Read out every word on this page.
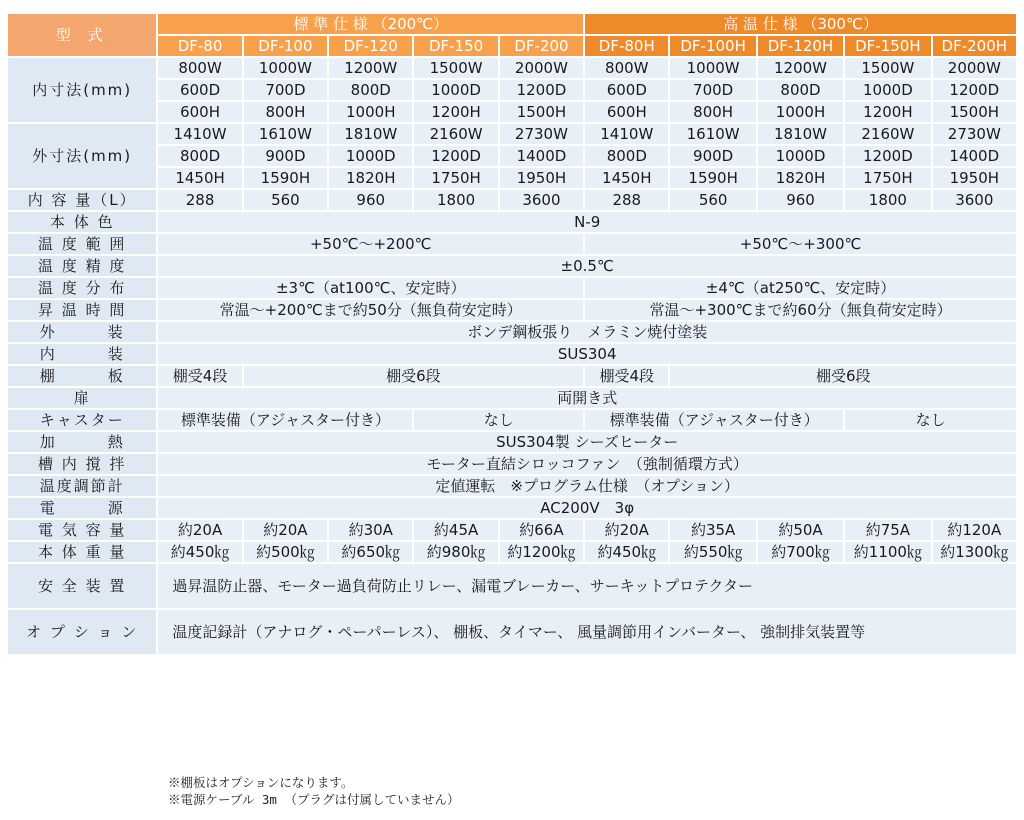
型 式	標 準 仕 様 （200℃）					高 温 仕 様 （300℃）				
	DF-80	DF-100	DF-120	DF-150	DF-200	DF-80H	DF-100H	DF-120H	DF-150H	DF-200H
内寸法(mm)	800W	1000W	1200W	1500W	2000W	800W	1000W	1200W	1500W	2000W
	600D	700D	800D	1000D	1200D	600D	700D	800D	1000D	1200D
	600H	800H	1000H	1200H	1500H	600H	800H	1000H	1200H	1500H
外寸法(mm)	1410W	1610W	1810W	2160W	2730W	1410W	1610W	1810W	2160W	2730W
	800D	900D	1000D	1200D	1400D	800D	900D	1000D	1200D	1400D
	1450H	1590H	1820H	1750H	1950H	1450H	1590H	1820H	1750H	1950H
内 容 量（L）	288	560	960	1800	3600	288	560	960	1800	3600
本 体 色	N-9									
温 度 範 囲	+50℃～+200℃					+50℃～+300℃				
温 度 精 度	±0.5℃									
温 度 分 布	±3℃（at100℃、安定時）					±4℃（at250℃、安定時）				
昇 温 時 間	常温～+200℃まで約50分（無負荷安定時）					常温～+300℃まで約60分（無負荷安定時）				
外　　　装	ボンデ鋼板張り　メラミン焼付塗装									
内　　　装	SUS304									
棚　　　板	棚受4段	棚受6段				棚受4段	棚受6段			
扉	両開き式									
キャスター	標準装備（アジャスター付き）			なし		標準装備（アジャスター付き）			なし	
加　　　熱	SUS304製 シーズヒーター									
槽 内 撹 拌	モーター直結シロッコファン　（強制循環方式）									
温度調節計	定値運転　※プログラム仕様　（オプション）									
電　　　源	AC200V　3φ									
電 気 容 量	約20A	約20A	約30A	約45A	約66A	約20A	約35A	約50A	約75A	約120A
本 体 重 量	約450㎏	約500㎏	約650㎏	約980㎏	約1200㎏	約450㎏	約550㎏	約700㎏	約1100㎏	約1300㎏
安 全 装 置	過昇温防止器、モーター過負荷防止リレー、漏電ブレーカー、サーキットプロテクター									
オ プ シ ョ ン	温度記録計（アナログ・ペーパーレス）、 棚板、タイマー、 風量調節用インバーター、 強制排気装置等									
※棚板はオプションになります。
※電源ケーブル 3m （プラグは付属していません）
